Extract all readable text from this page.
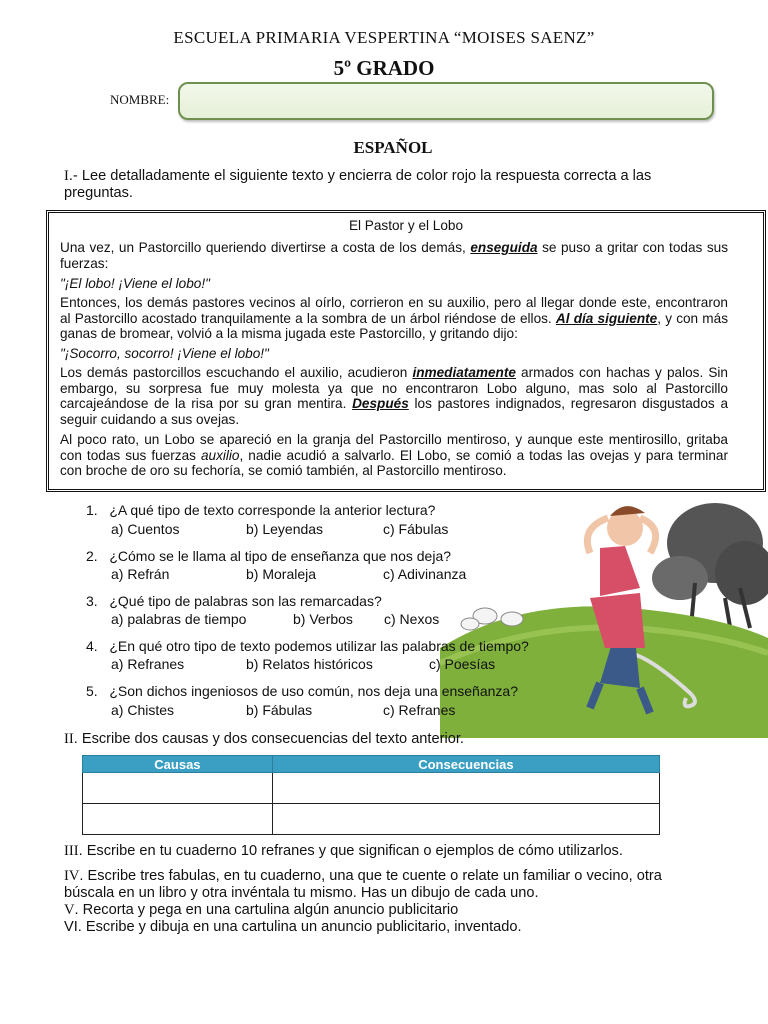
ESCUELA PRIMARIA VESPERTINA “MOISES SAENZ”
5º GRADO
NOMBRE:
ESPAÑOL
I.- Lee detalladamente el siguiente texto y encierra de color rojo la respuesta correcta a las preguntas.
El Pastor y el Lobo
Una vez, un Pastorcillo queriendo divertirse a costa de los demás, enseguida se puso a gritar con todas sus fuerzas:
"¡El lobo! ¡Viene el lobo!"
Entonces, los demás pastores vecinos al oírlo, corrieron en su auxilio, pero al llegar donde este, encontraron al Pastorcillo acostado tranquilamente a la sombra de un árbol riéndose de ellos. Al día siguiente, y con más ganas de bromear, volvió a la misma jugada este Pastorcillo, y gritando dijo:
"¡Socorro, socorro! ¡Viene el lobo!"
Los demás pastorcillos escuchando el auxilio, acudieron inmediatamente armados con hachas y palos. Sin embargo, su sorpresa fue muy molesta ya que no encontraron Lobo alguno, mas solo al Pastorcillo carcajeándose de la risa por su gran mentira. Después los pastores indignados, regresaron disgustados a seguir cuidando a sus ovejas.
Al poco rato, un Lobo se apareció en la granja del Pastorcillo mentiroso, y aunque este mentirosillo, gritaba con todas sus fuerzas auxilio, nadie acudió a salvarlo. El Lobo, se comió a todas las ovejas y para terminar con broche de oro su fechoría, se comió también, al Pastorcillo mentiroso.
1. ¿A qué tipo de texto corresponde la anterior lectura?
a) Cuentos	b) Leyendas	c) Fábulas
2. ¿Cómo se le llama al tipo de enseñanza que nos deja?
a) Refrán	b) Moraleja	c) Adivinanza
3. ¿Qué tipo de palabras son las remarcadas?
a) palabras de tiempo	b) Verbos c) Nexos
4. ¿En qué otro tipo de texto podemos utilizar las palabras de tiempo?
a) Refranes	b) Relatos históricos	c) Poesías
5. ¿Son dichos ingeniosos de uso común, nos deja una enseñanza?
a) Chistes	b) Fábulas	c) Refranes
II. Escribe dos causas y dos consecuencias del texto anterior.
Causas	Consecuencias

III. Escribe en tu cuaderno 10 refranes y que significan o ejemplos de cómo utilizarlos.
IV. Escribe tres fabulas, en tu cuaderno, una que te cuente o relate un familiar o vecino, otra búscala en un libro y otra invéntala tu mismo. Has un dibujo de cada uno.
V. Recorta y pega en una cartulina algún anuncio publicitario
VI. Escribe y dibuja en una cartulina un anuncio publicitario, inventado.
